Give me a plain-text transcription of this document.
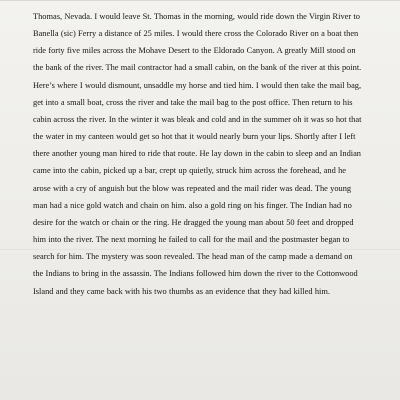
Thomas, Nevada. I would leave St. Thomas in the morning, would ride down the Virgin River to
Banella (sic) Ferry a distance of 25 miles. I would there cross the Colorado River on a boat then
ride forty five miles across the Mohave Desert to the Eldorado Canyon. A greatly Mill stood on
the bank of the river. The mail contractor had a small cabin, on the bank of the river at this point.
Here’s where I would dismount, unsaddle my horse and tied him. I would then take the mail bag,
get into a small boat, cross the river and take the mail bag to the post office. Then return to his
cabin across the river. In the winter it was bleak and cold and in the summer oh it was so hot that
the water in my canteen would get so hot that it would nearly burn your lips. Shortly after I left
there another young man hired to ride that route. He lay down in the cabin to sleep and an Indian
came into the cabin, picked up a bar, crept up quietly, struck him across the forehead, and he
arose with a cry of anguish but the blow was repeated and the mail rider was dead. The young
man had a nice gold watch and chain on him. also a gold ring on his finger. The Indian had no
desire for the watch or chain or the ring. He dragged the young man about 50 feet and dropped
him into the river. The next morning he failed to call for the mail and the postmaster began to
search for him. The mystery was soon revealed. The head man of the camp made a demand on
the Indians to bring in the assassin. The Indians followed him down the river to the Cottonwood
Island and they came back with his two thumbs as an evidence that they had killed him.
